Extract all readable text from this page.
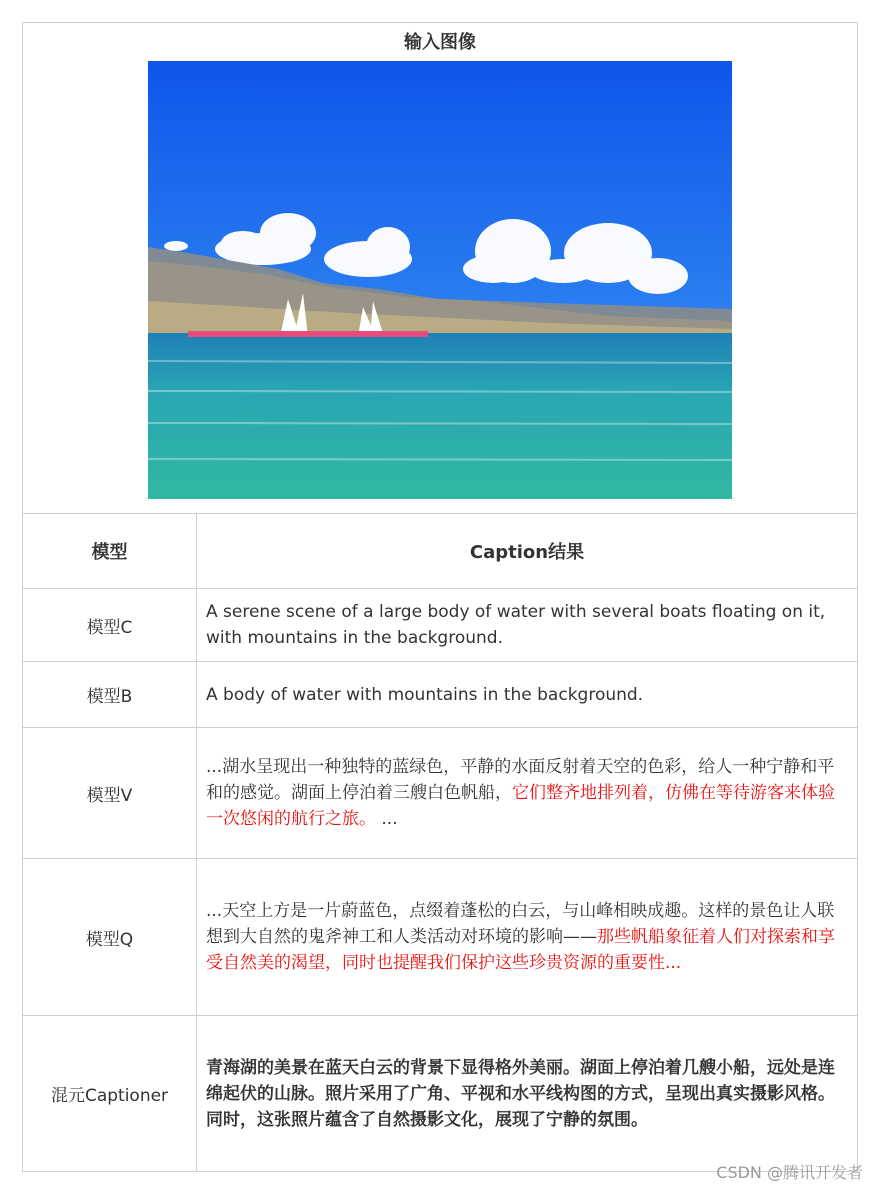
输入图像	

模型	Caption结果
模型C	A serene scene of a large body of water with several boats floating on it, with mountains in the background.
模型B	A body of water with mountains in the background.
模型V	...湖水呈现出一种独特的蓝绿色，平静的水面反射着天空的色彩，给人一种宁静和平和的感觉。湖面上停泊着三艘白色帆船，它们整齐地排列着，仿佛在等待游客来体验一次悠闲的航行之旅。 ...
模型Q	...天空上方是一片蔚蓝色，点缀着蓬松的白云，与山峰相映成趣。这样的景色让人联想到大自然的鬼斧神工和人类活动对环境的影响——那些帆船象征着人们对探索和享受自然美的渴望，同时也提醒我们保护这些珍贵资源的重要性...
混元Captioner	青海湖的美景在蓝天白云的背景下显得格外美丽。湖面上停泊着几艘小船，远处是连绵起伏的山脉。照片采用了广角、平视和水平线构图的方式，呈现出真实摄影风格。同时，这张照片蕴含了自然摄影文化，展现了宁静的氛围。
CSDN @腾讯开发者
